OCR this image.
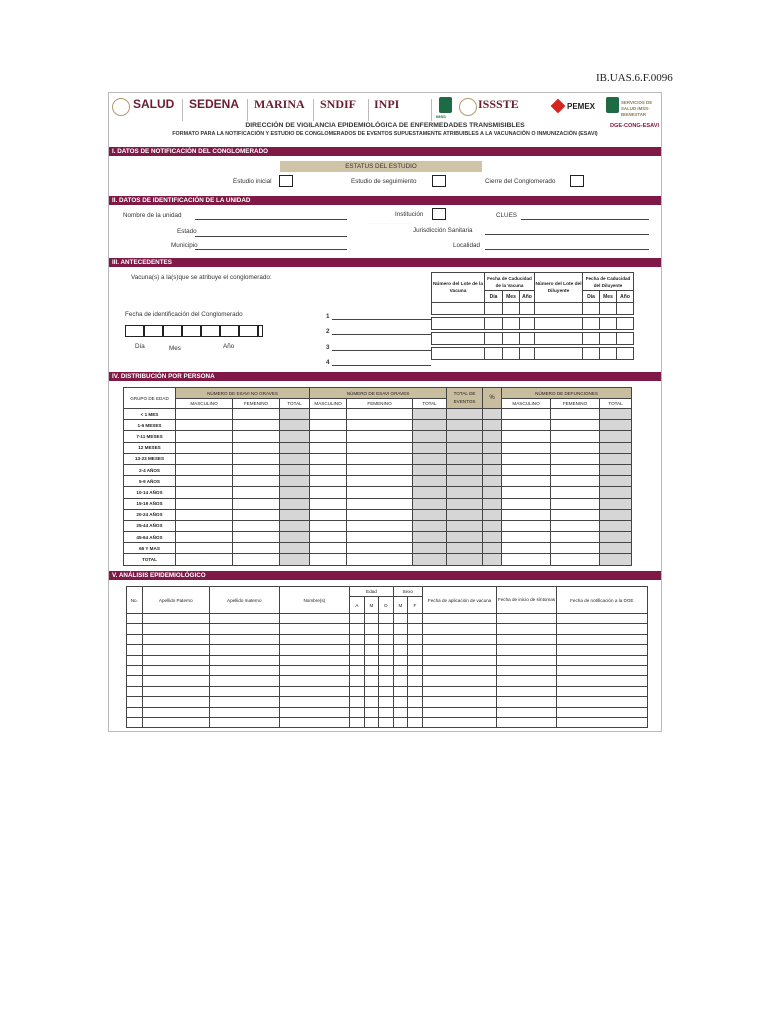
IB.UAS.6.F.0096
SALUD SEDENA MARINA SNDIF INPI
IMSS
ISSSTE	PEMEX	SERVICIOS DE SALUD IMSS-BIENESTAR
DIRECCIÓN DE VIGILANCIA EPIDEMIOLÓGICA DE ENFERMEDADES TRANSMISIBLES	DGE-CONG-ESAVI
FORMATO PARA LA NOTIFICACIÓN Y ESTUDIO DE CONGLOMERADOS DE EVENTOS SUPUESTAMENTE ATRIBUIBLES A LA VACUNACIÓN O INMUNIZACIÓN (ESAVI)
I. DATOS DE NOTIFICACIÓN DEL CONGLOMERADO
ESTATUS DEL ESTUDIO
Estudio inicial	Estudio de seguimiento	Cierre del Conglomerado
II. DATOS DE IDENTIFICACIÓN DE LA UNIDAD
Nombre de la unidad	Institución	CLUES
···· ··· ···· ···· ···· ·· ·· ···· ···· ···· ··· ····
Estado	Jurisdicción Sanitaria
Municipio	Localidad
III. ANTECEDENTES
Vacuna(s) a la(s)que se atribuye el conglomerado:
Fecha de identificación del Conglomerado
Día	Mes	Año
1
2
3
4
Número del Lote de la Vacuna	Fecha de Caducidad de la Vacuna			Número del Lote del Diluyente	Fecha de Caducidad del Diluyente		
	Día	Mes	Año		Día	Mes	Año

IV. DISTRIBUCIÓN POR PERSONA
GRUPO DE EDAD	NÚMERO DE ESAVI NO GRAVES			NÚMERO DE ESAVI GRAVES			TOTAL DE EVENTOS	%	NÚMERO DE DEFUNCIONES		
	MASCULINO	FEMENINO	TOTAL	MASCULINO	FEMENINO	TOTAL			MASCULINO	FEMENINO	TOTAL
< 1 MES											
1-6 MESES											
7-11 MESES											
12 MESES											
13-23 MESES											
2-4 AÑOS											
5-9 AÑOS											
10-14 AÑOS											
15-19 AÑOS											
20-24 AÑOS											
25-44 AÑOS											
45-64 AÑOS											
65 Y MAS											
TOTAL											
V. ANÁLISIS EPIDEMIOLÓGICO
No.	Apellido Paterno	Apellido materno	Nombre(s)	Edad			Sexo		Fecha de aplicación de vacuna	Fecha de inicio de síntomas	Fecha de notificación a la DGE
				A	M	D	M	F			
